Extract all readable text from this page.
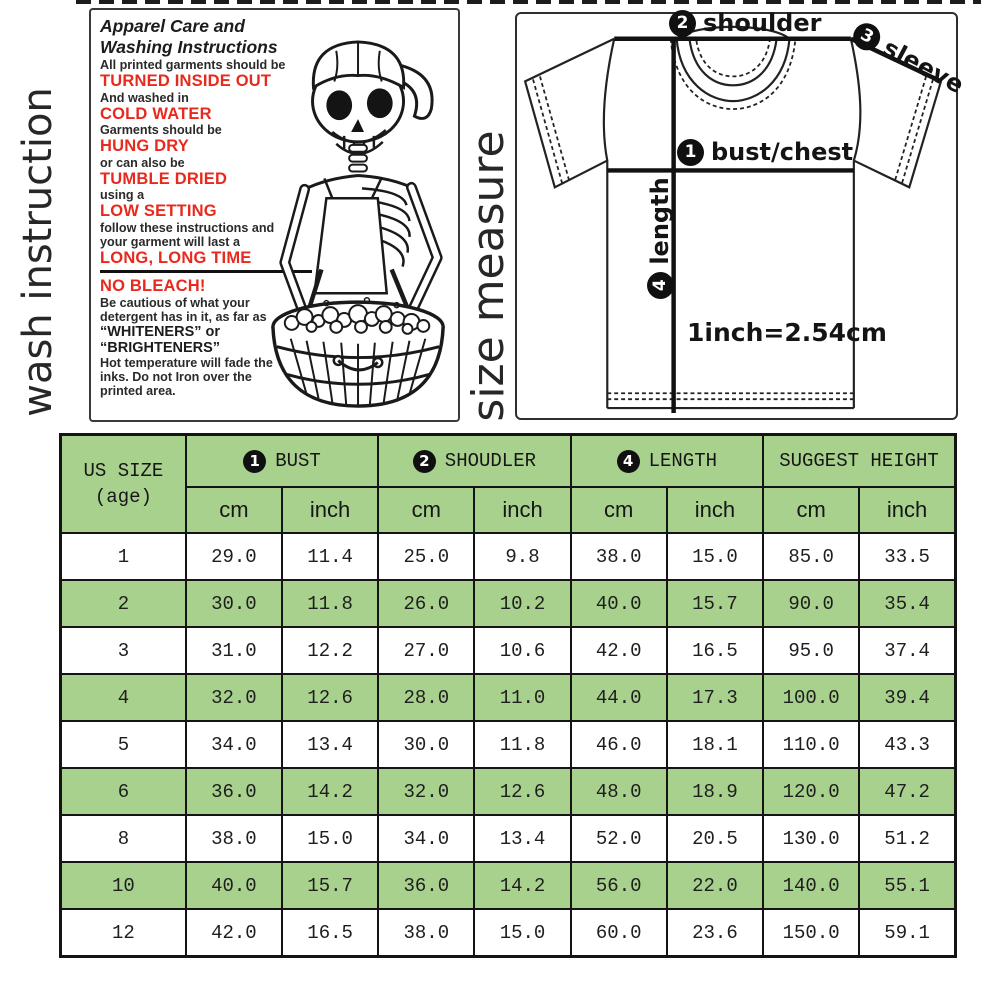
wash instruction
Apparel Care and
Washing Instructions
All printed garments should be
TURNED INSIDE OUT
And washed in
COLD WATER
Garments should be
HUNG DRY
or can also be
TUMBLE DRIED
using a
LOW SETTING
follow these instructions and
your garment will last a
LONG, LONG TIME
NO BLEACH!
Be cautious of what your
detergent has in it, as far as
“WHITENERS” or
“BRIGHTENERS”
Hot temperature will fade the
inks. Do not Iron over the
printed area.	size measure
2 shoulder	3 sleeve
1 bust/chest
4
length
1inch=2.54cm
US SIZE
(age)

1 BUST	2 SHOUDLER	4 LENGTH	SUGGEST HEIGHT

	cm	inch	cm	inch	cm	inch	cm	inch
1	29.0	11.4	25.0	9.8	38.0	15.0	85.0	33.5
2	30.0	11.8	26.0	10.2	40.0	15.7	90.0	35.4
3	31.0	12.2	27.0	10.6	42.0	16.5	95.0	37.4
4	32.0	12.6	28.0	11.0	44.0	17.3	100.0	39.4
5	34.0	13.4	30.0	11.8	46.0	18.1	110.0	43.3
6	36.0	14.2	32.0	12.6	48.0	18.9	120.0	47.2
8	38.0	15.0	34.0	13.4	52.0	20.5	130.0	51.2
10	40.0	15.7	36.0	14.2	56.0	22.0	140.0	55.1
12	42.0	16.5	38.0	15.0	60.0	23.6	150.0	59.1
